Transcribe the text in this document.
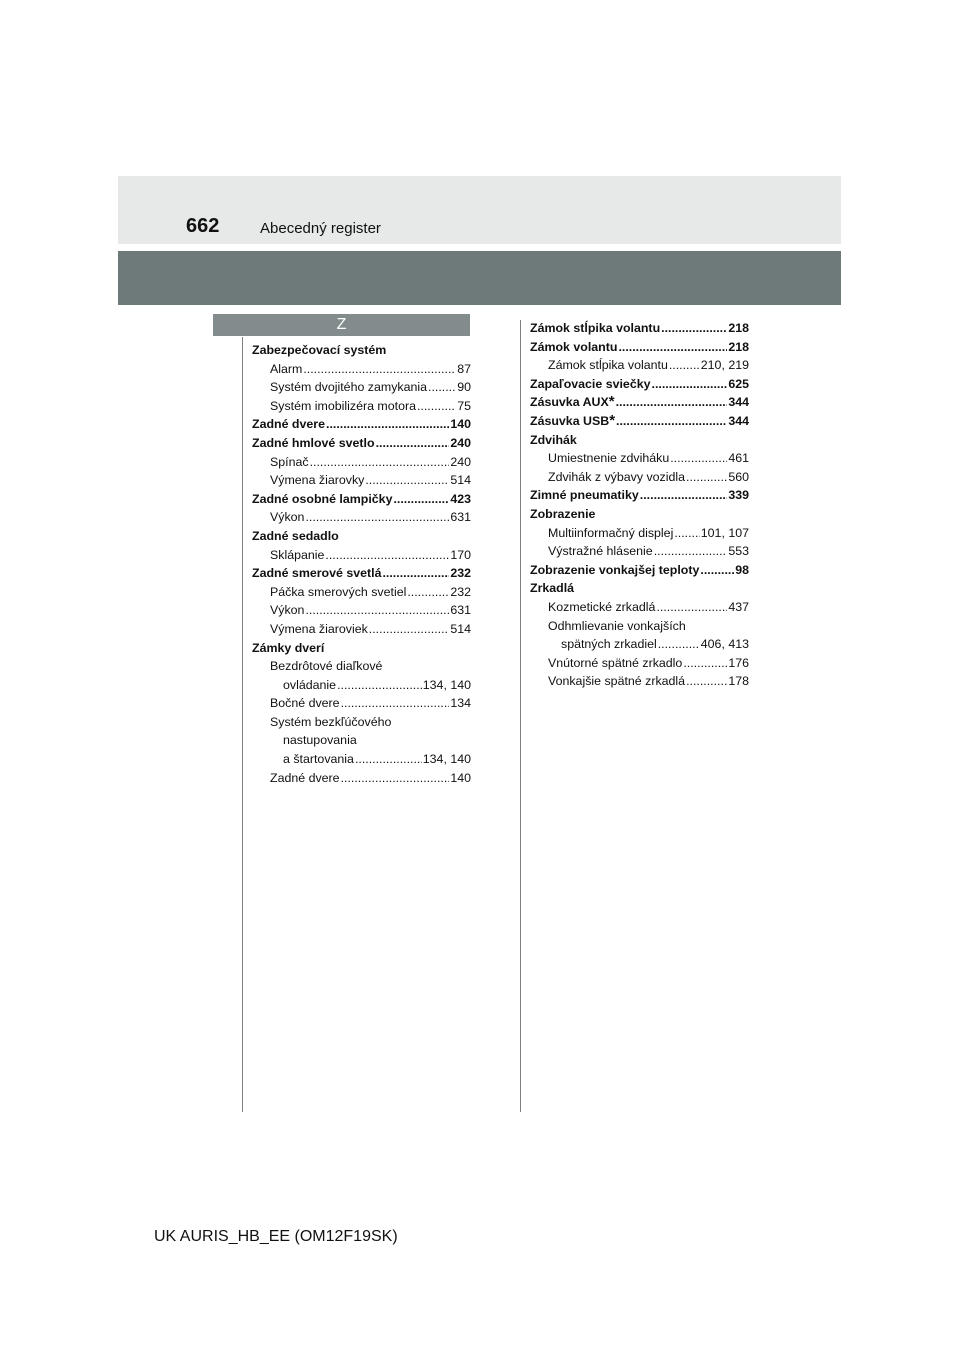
662	Abecedný register
Z
Zabezpečovací systém
Alarm .....	87
Systém dvojitého zamykania ..... 90
Systém imobilizéra motora .....	75
Zadné dvere .....	140
Zadné hmlové svetlo .....	240
Spínač .....	240
Výmena žiarovky .....	514
Zadné osobné lampičky .....	423
Výkon .....	631
Zadné sedadlo
Sklápanie .....	170
Zadné smerové svetlá .....	232
Páčka smerových svetiel .....	232
Výkon .....	631
Výmena žiaroviek .....	514
Zámky dverí
Bezdrôtové diaľkové
ovládanie .....	134, 140
Bočné dvere .....	134
Systém bezkľúčového
nastupovania
a štartovania .....	134, 140
Zadné dvere .....	140
Zámok stĺpika volantu .....	218
Zámok volantu .....	218
Zámok stĺpika volantu .....	210, 219
Zapaľovacie sviečky .....	625
Zásuvka AUX * .....	344
Zásuvka USB * .....	344
Zdvihák
Umiestnenie zdviháku .....	461
Zdvihák z výbavy vozidla .....	560
Zimné pneumatiky .....	339
Zobrazenie
Multiinformačný displej ..... 101, 107
Výstražné hlásenie .....	553
Zobrazenie vonkajšej teploty .....	98
Zrkadlá
Kozmetické zrkadlá .....	437
Odhmlievanie vonkajších
spätných zrkadiel .....	406, 413
Vnútorné spätné zrkadlo .....	176
Vonkajšie spätné zrkadlá .....	178
UK AURIS_HB_EE (OM12F19SK)
